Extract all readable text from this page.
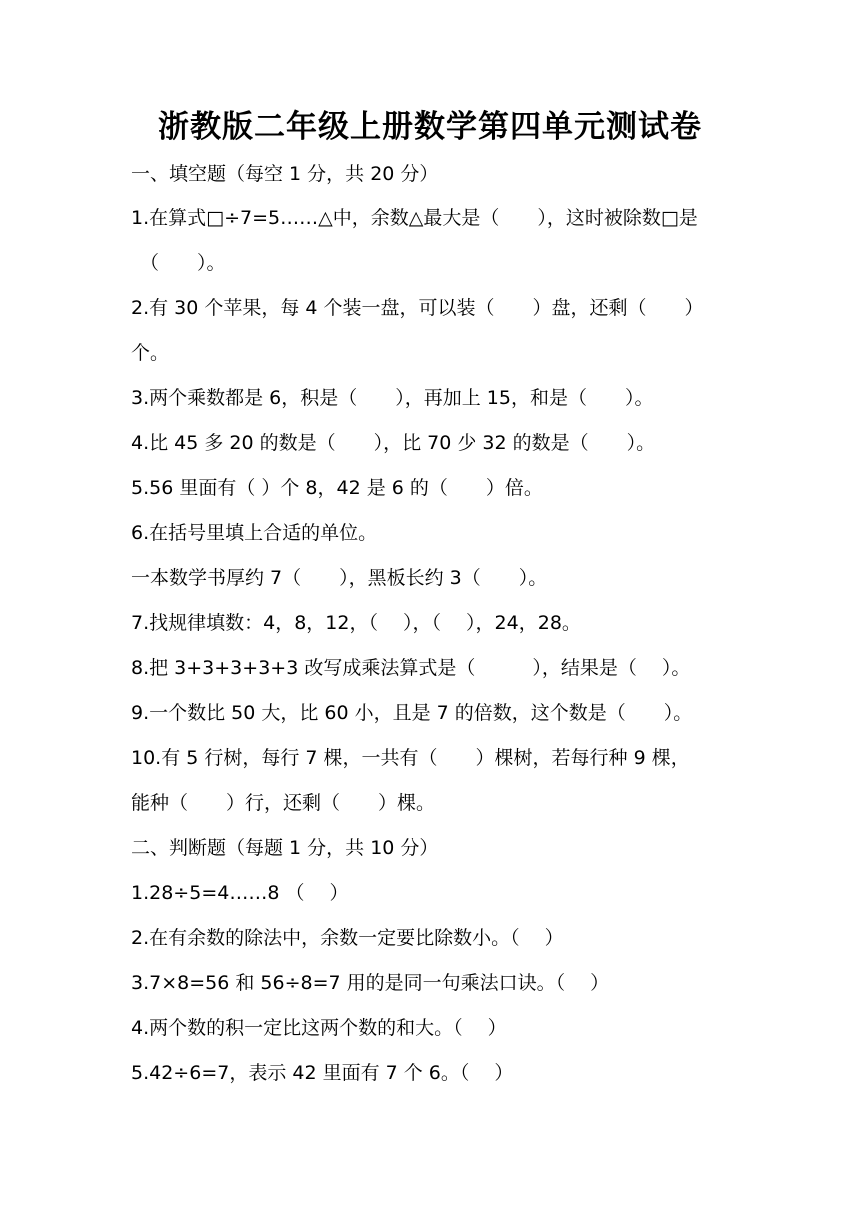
浙教版二年级上册数学第四单元测试卷
一、填空题（每空 1 分，共 20 分）
1.在算式□÷7=5……△中，余数△最大是（　　），这时被除数□是
（　　）。
2.有 30 个苹果，每 4 个装一盘，可以装（　　）盘，还剩（　　）
个。
3.两个乘数都是 6，积是（　　），再加上 15，和是（　　）。
4.比 45 多 20 的数是（　　），比 70 少 32 的数是（　　）。
5.56 里面有（ ）个 8，42 是 6 的（　　）倍。
6.在括号里填上合适的单位。
一本数学书厚约 7（　　），黑板长约 3（　　）。
7.找规律填数：4，8，12，（　 ），（　 ），24，28。
8.把 3+3+3+3+3 改写成乘法算式是（　　　），结果是（　 ）。
9.一个数比 50 大，比 60 小，且是 7 的倍数，这个数是（　　）。
10.有 5 行树，每行 7 棵，一共有（　　）棵树，若每行种 9 棵，
能种（　　）行，还剩（　　）棵。
二、判断题（每题 1 分，共 10 分）
1.28÷5=4……8 （　 ）
2.在有余数的除法中，余数一定要比除数小。（　 ）
3.7×8=56 和 56÷8=7 用的是同一句乘法口诀。（　 ）
4.两个数的积一定比这两个数的和大。（　 ）
5.42÷6=7，表示 42 里面有 7 个 6。（　 ）
